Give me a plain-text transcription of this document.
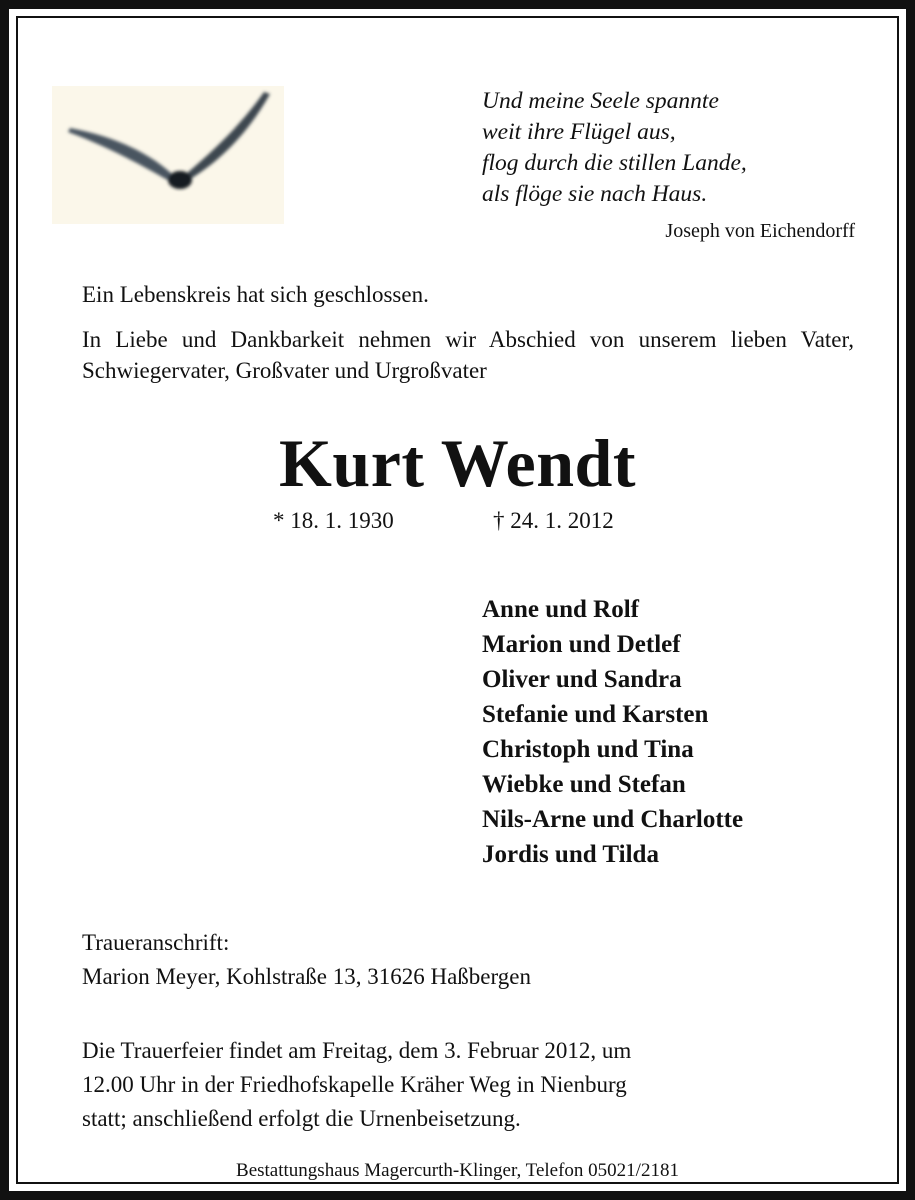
Und meine Seele spannte
weit ihre Flügel aus,
flog durch die stillen Lande,
als flöge sie nach Haus.
Joseph von Eichendorff
Ein Lebenskreis hat sich geschlossen.
In Liebe und Dankbarkeit nehmen wir Abschied von unserem lieben Vater, Schwiegervater, Großvater und Urgroßvater
Kurt Wendt
* 18. 1. 1930	† 24. 1. 2012
Anne und Rolf
Marion und Detlef
Oliver und Sandra
Stefanie und Karsten
Christoph und Tina
Wiebke und Stefan
Nils-Arne und Charlotte
Jordis und Tilda
Traueranschrift:
Marion Meyer, Kohlstraße 13, 31626 Haßbergen
Die Trauerfeier findet am Freitag, dem 3. Februar 2012, um
12.00 Uhr in der Friedhofskapelle Kräher Weg in Nienburg
statt; anschließend erfolgt die Urnenbeisetzung.
Bestattungshaus Magercurth-Klinger, Telefon 05021/2181
